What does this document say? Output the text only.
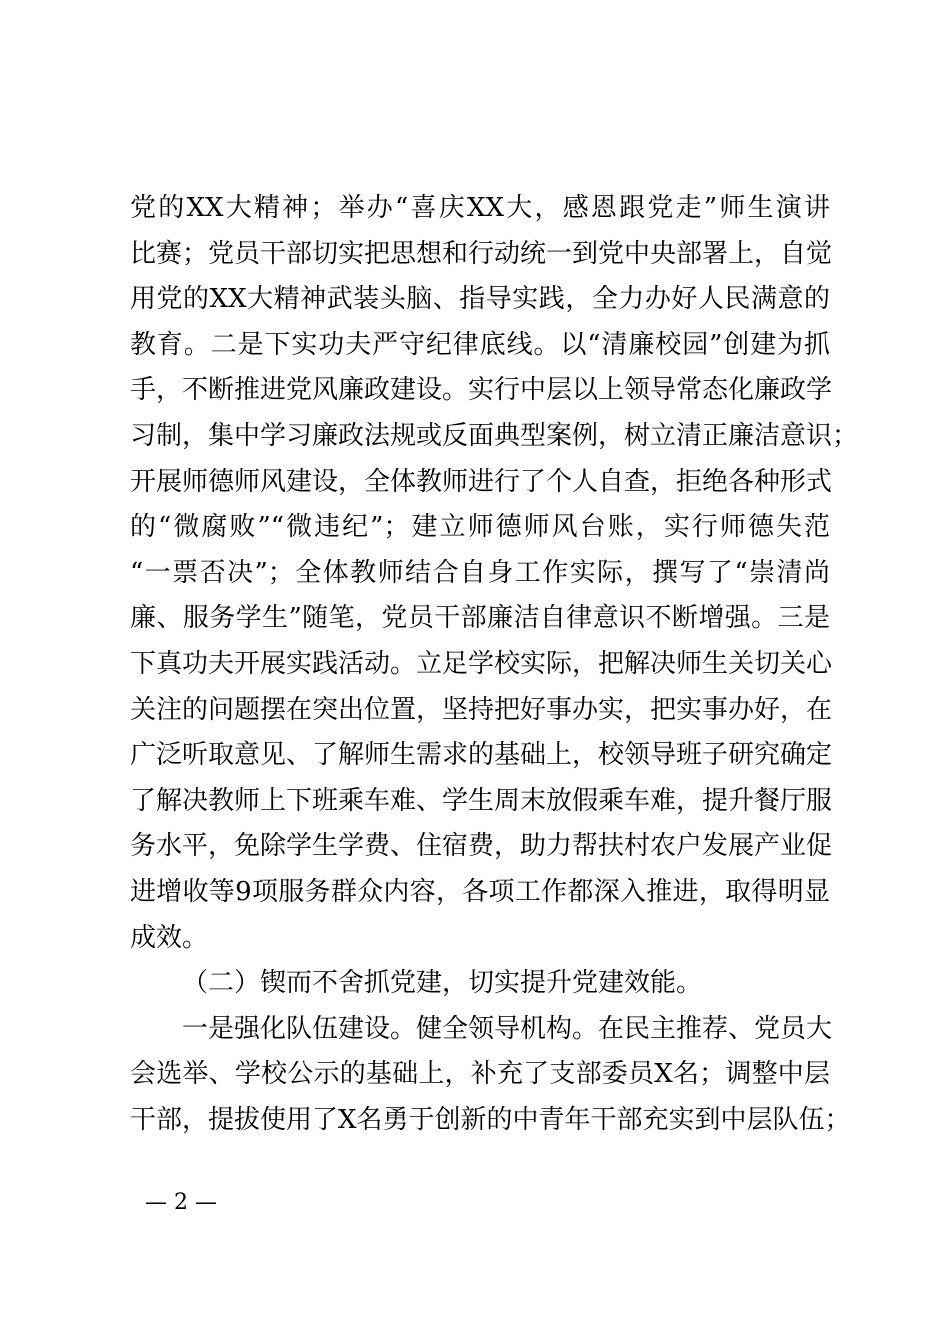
党的XX大精神；举办“喜庆XX大，感恩跟党走”师生演讲
比赛；党员干部切实把思想和行动统一到党中央部署上，自觉
用党的XX大精神武装头脑、指导实践，全力办好人民满意的
教育。二是下实功夫严守纪律底线。以“清廉校园”创建为抓
手，不断推进党风廉政建设。实行中层以上领导常态化廉政学
习制，集中学习廉政法规或反面典型案例，树立清正廉洁意识；
开展师德师风建设，全体教师进行了个人自查，拒绝各种形式
的“微腐败”“微违纪”；建立师德师风台账，实行师德失范
“一票否决”；全体教师结合自身工作实际，撰写了“崇清尚
廉、服务学生”随笔，党员干部廉洁自律意识不断增强。三是
下真功夫开展实践活动。立足学校实际，把解决师生关切关心
关注的问题摆在突出位置，坚持把好事办实，把实事办好，在
广泛听取意见、了解师生需求的基础上，校领导班子研究确定
了解决教师上下班乘车难、学生周末放假乘车难，提升餐厅服
务水平，免除学生学费、住宿费，助力帮扶村农户发展产业促
进增收等9项服务群众内容，各项工作都深入推进，取得明显
成效。
（二）锲而不舍抓党建，切实提升党建效能。
一是强化队伍建设。健全领导机构。在民主推荐、党员大
会选举、学校公示的基础上，补充了支部委员X名；调整中层
干部，提拔使用了X名勇于创新的中青年干部充实到中层队伍；
— 2 —
